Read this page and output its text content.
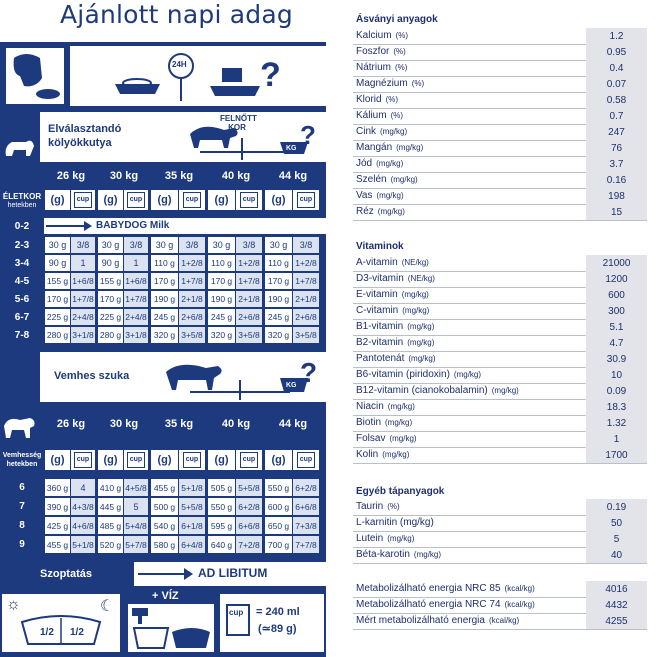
Ajánlott napi adag
?
24H
Elválasztandó kölyökkutya	?
FELNŐTT KOR
KG
26 kg	30 kg	35 kg	40 kg	44 kg
ÉLETKOR
hetekben	(g)	cup	(g)	cup	(g)	cup	(g)	cup	(g)	cup
0-2	BABYDOG Milk
2-3	30 g	3/8	30 g	3/8	30 g	3/8	30 g	3/8	30 g	3/8
3-4	90 g	1	90 g	1	110 g 1+2/8 110 g 1+2/8 110 g 1+2/8
4-5	155 g 1+6/8 155 g 1+6/8 170 g 1+7/8 170 g 1+7/8 170 g 1+7/8
5-6	170 g 1+7/8 170 g 1+7/8 190 g 2+1/8 190 g 2+1/8 190 g 2+1/8
6-7	225 g 2+4/8 225 g 2+4/8 245 g 2+6/8 245 g 2+6/8 245 g 2+6/8
7-8	280 g 3+1/8 280 g 3+1/8 320 g 3+5/8 320 g 3+5/8 320 g 3+5/8
Vemhes szuka	?
KG
26 kg	30 kg	35 kg	40 kg	44 kg
Vemhesség
hetekben	(g)	cup	(g)	cup	(g)	cup	(g)	cup	(g)	cup
6	360 g	4	410 g 4+5/8 455 g 5+1/8 505 g 5+5/8 550 g 6+2/8
7	390 g 4+3/8 445 g	5	500 g 5+5/8 550 g 6+2/8 600 g 6+6/8
8	425 g 4+6/8 485 g 5+4/8 540 g 6+1/8 595 g 6+6/8 650 g 7+3/8
9	455 g 5+1/8 520 g 5+7/8 580 g 6+4/8 640 g 7+2/8 700 g 7+7/8
Szoptatás	AD LIBITUM
☼	☾
1/2 1/2
+ VÍZ
cup = 240 ml
(≃89 g)
Ásványi anyagok
Kalcium (%)	1.2
Foszfor (%)	0.95
Nátrium (%)	0.4
Magnézium (%)	0.07
Klorid (%)	0.58
Kálium (%)	0.7
Cink (mg/kg)	247
Mangán (mg/kg)	76
Jód (mg/kg)	3.7
Szelén (mg/kg)	0.16
Vas (mg/kg)	198
Réz (mg/kg)	15
Vitaminok
A-vitamin (NE/kg)	21000
D3-vitamin (NE/kg)	1200
E-vitamin (mg/kg)	600
C-vitamin (mg/kg)	300
B1-vitamin (mg/kg)	5.1
B2-vitamin (mg/kg)	4.7
Pantotenát (mg/kg)	30.9
B6-vitamin (piridoxin) (mg/kg)	10
B12-vitamin (cianokobalamin) (mg/kg)	0.09
Niacin (mg/kg)	18.3
Biotin (mg/kg)	1.32
Folsav (mg/kg)	1
Kolin (mg/kg)	1700
Egyéb tápanyagok
Taurin (%)	0.19
L-karnitin (mg/kg)	50
Lutein (mg/kg)	5
Béta-karotin (mg/kg)	40
Metabolizálható energia NRC 85 (kcal/kg)	4016
Metabolizálható energia NRC 74 (kcal/kg)	4432
Mért metabolizálható energia (kcal/kg)	4255
